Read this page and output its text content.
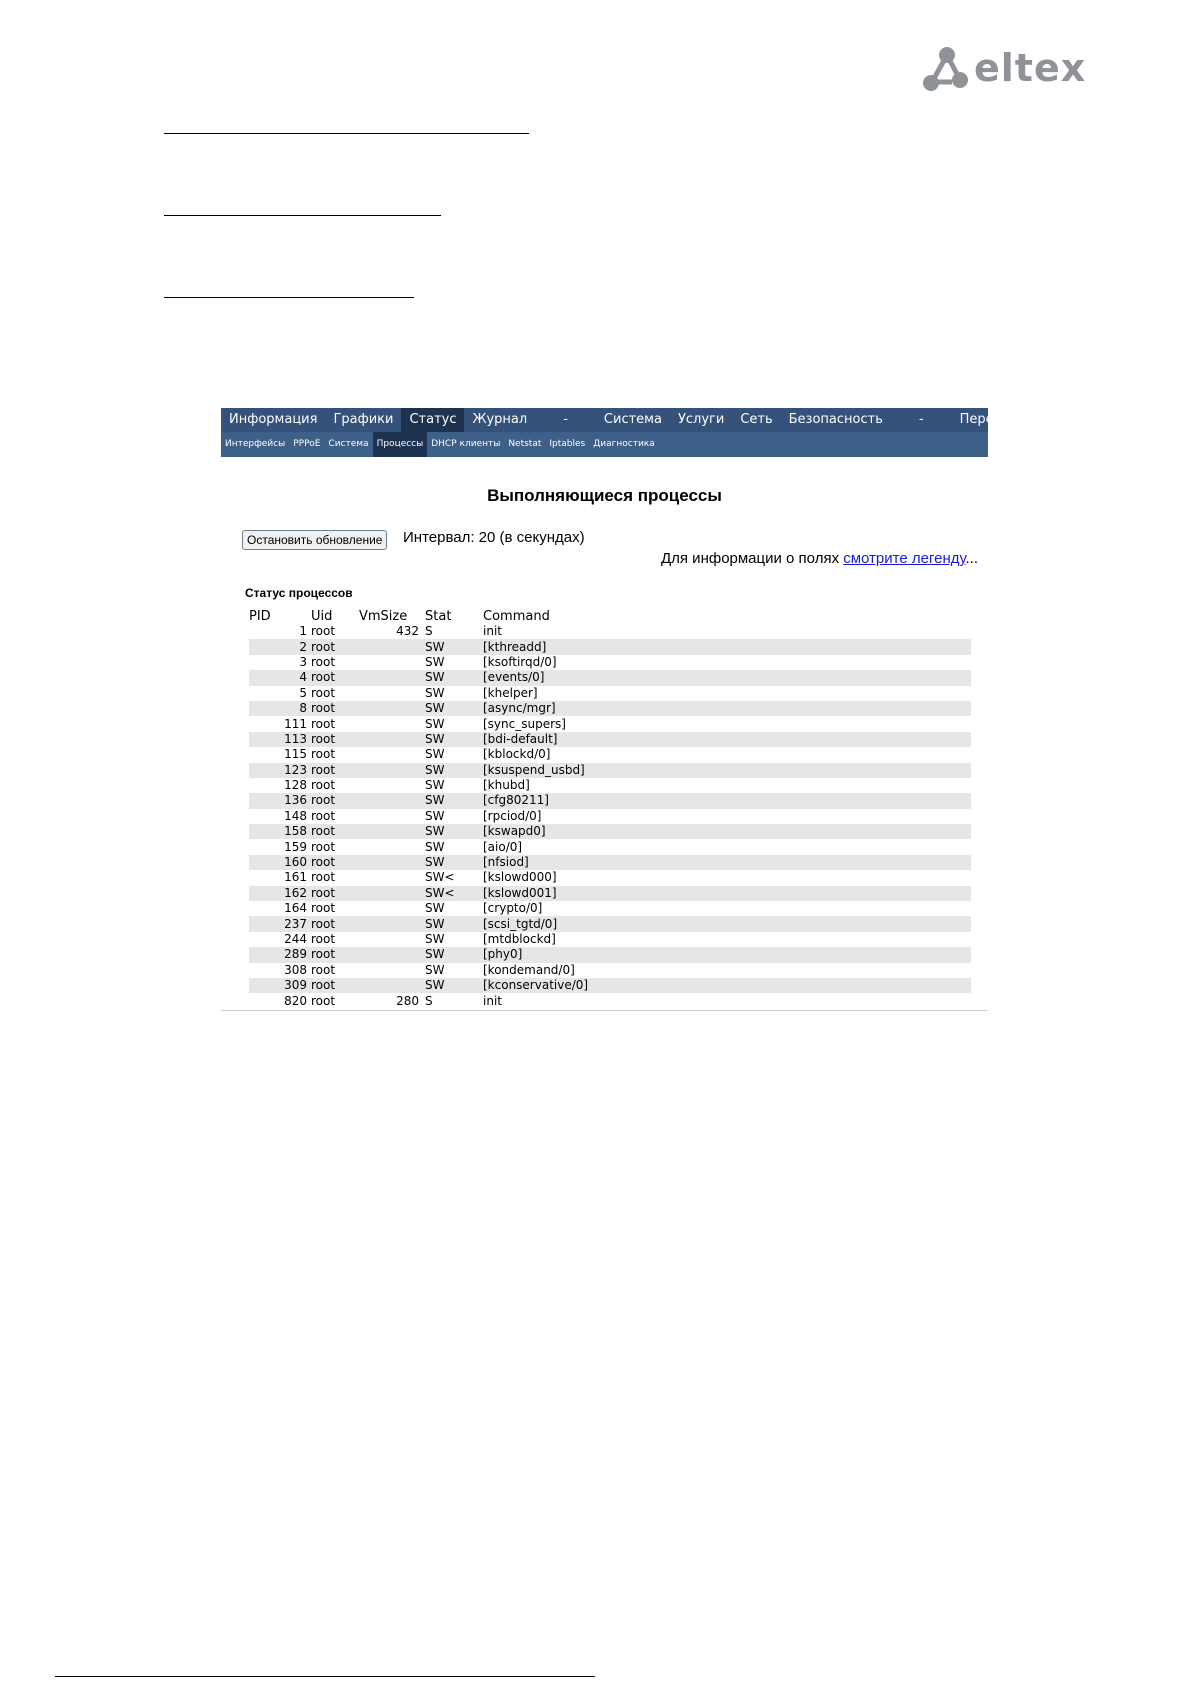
eltex
Информация	Графики	Статус	Журнал	-	Система	Услуги	Сеть	Безопасность	-	Перезагрузка
Интерфейсы PPPoE Система Процессы DHCP клиенты Netstat Iptables Диагностика
Выполняющиеся процессы
Остановить обновление	Интервал: 20 (в секундах)
Для информации о полях смотрите легенду...
Статус процессов
PID	Uid	VmSize	Stat	Command
1	root	432	S	init
2	root		SW	[kthreadd]
3	root		SW	[ksoftirqd/0]
4	root		SW	[events/0]
5	root		SW	[khelper]
8	root		SW	[async/mgr]
111	root		SW	[sync_supers]
113	root		SW	[bdi-default]
115	root		SW	[kblockd/0]
123	root		SW	[ksuspend_usbd]
128	root		SW	[khubd]
136	root		SW	[cfg80211]
148	root		SW	[rpciod/0]
158	root		SW	[kswapd0]
159	root		SW	[aio/0]
160	root		SW	[nfsiod]
161	root		SW<	[kslowd000]
162	root		SW<	[kslowd001]
164	root		SW	[crypto/0]
237	root		SW	[scsi_tgtd/0]
244	root		SW	[mtdblockd]
289	root		SW	[phy0]
308	root		SW	[kondemand/0]
309	root		SW	[kconservative/0]
820	root	280	S	init
